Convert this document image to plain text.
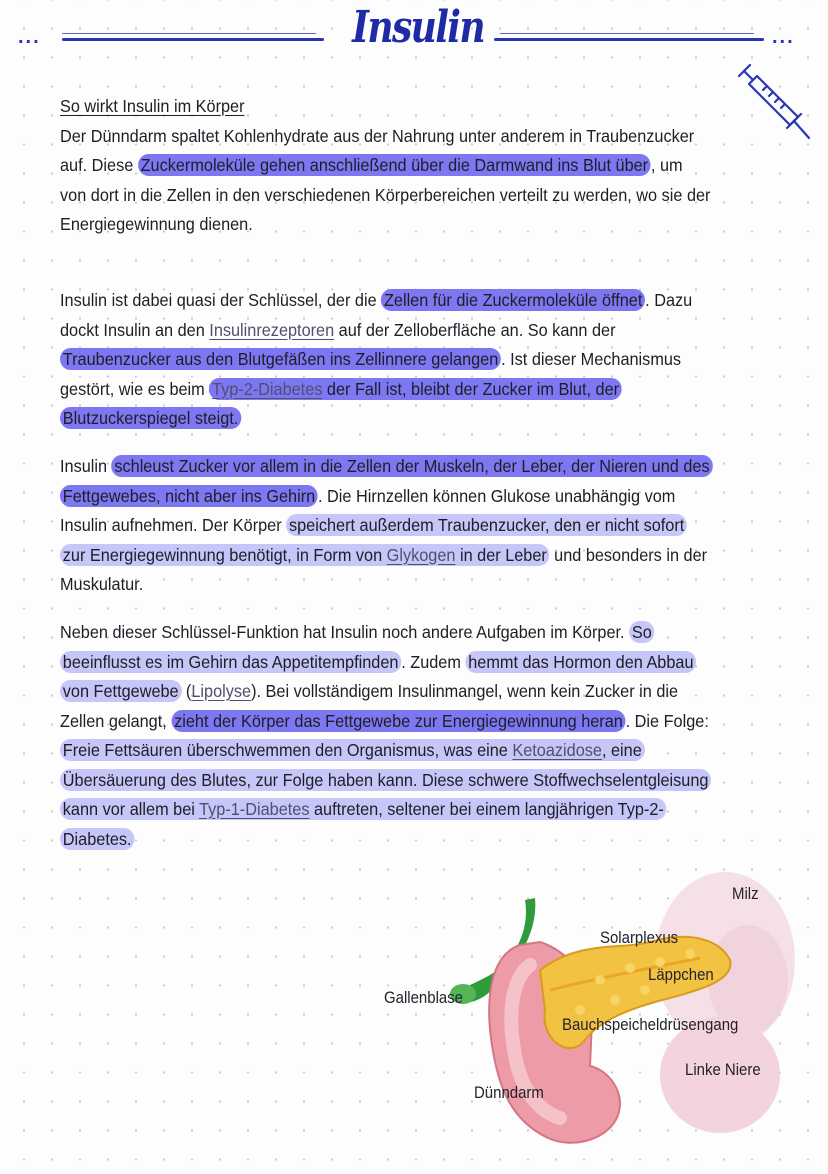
...	Insulin	...
So wirkt Insulin im Körper
Der Dünndarm spaltet Kohlenhydrate aus der Nahrung unter anderem in Traubenzucker auf. Diese Zuckermoleküle gehen anschließend über die Darmwand ins Blut über , um von dort in die Zellen in den verschiedenen Körperbereichen verteilt zu werden, wo sie der Energiegewinnung dienen.
Insulin ist dabei quasi der Schlüssel, der die Zellen für die Zuckermoleküle öffnet . Dazu dockt Insulin an den Insulinrezeptoren auf der Zelloberfläche an. So kann der Traubenzucker aus den Blutgefäßen ins Zellinnere gelangen . Ist dieser Mechanismus gestört, wie es beim Typ-2-Diabetes der Fall ist, bleibt der Zucker im Blut, der Blutzuckerspiegel steigt.
Insulin schleust Zucker vor allem in die Zellen der Muskeln, der Leber, der Nieren und des Fettgewebes, nicht aber ins Gehirn . Die Hirnzellen können Glukose unabhängig vom Insulin aufnehmen. Der Körper speichert außerdem Traubenzucker, den er nicht sofort zur Energiegewinnung benötigt, in Form von Glykogen in der Leber und besonders in der Muskulatur.
Neben dieser Schlüssel-Funktion hat Insulin noch andere Aufgaben im Körper. So beeinflusst es im Gehirn das Appetitempfinden . Zudem hemmt das Hormon den Abbau von Fettgewebe (Lipolyse). Bei vollständigem Insulinmangel, wenn kein Zucker in die Zellen gelangt, zieht der Körper das Fettgewebe zur Energiegewinnung heran . Die Folge: Freie Fettsäuren überschwemmen den Organismus, was eine Ketoazidose, eine Übersäuerung des Blutes, zur Folge haben kann. Diese schwere Stoffwechselentgleisung kann vor allem bei Typ-1-Diabetes auftreten, seltener bei einem langjährigen Typ-2-Diabetes.
Milz
Solarplexus
Läppchen
Gallenblase
Bauchspeicheldrüsengang
Linke Niere
Dünndarm
